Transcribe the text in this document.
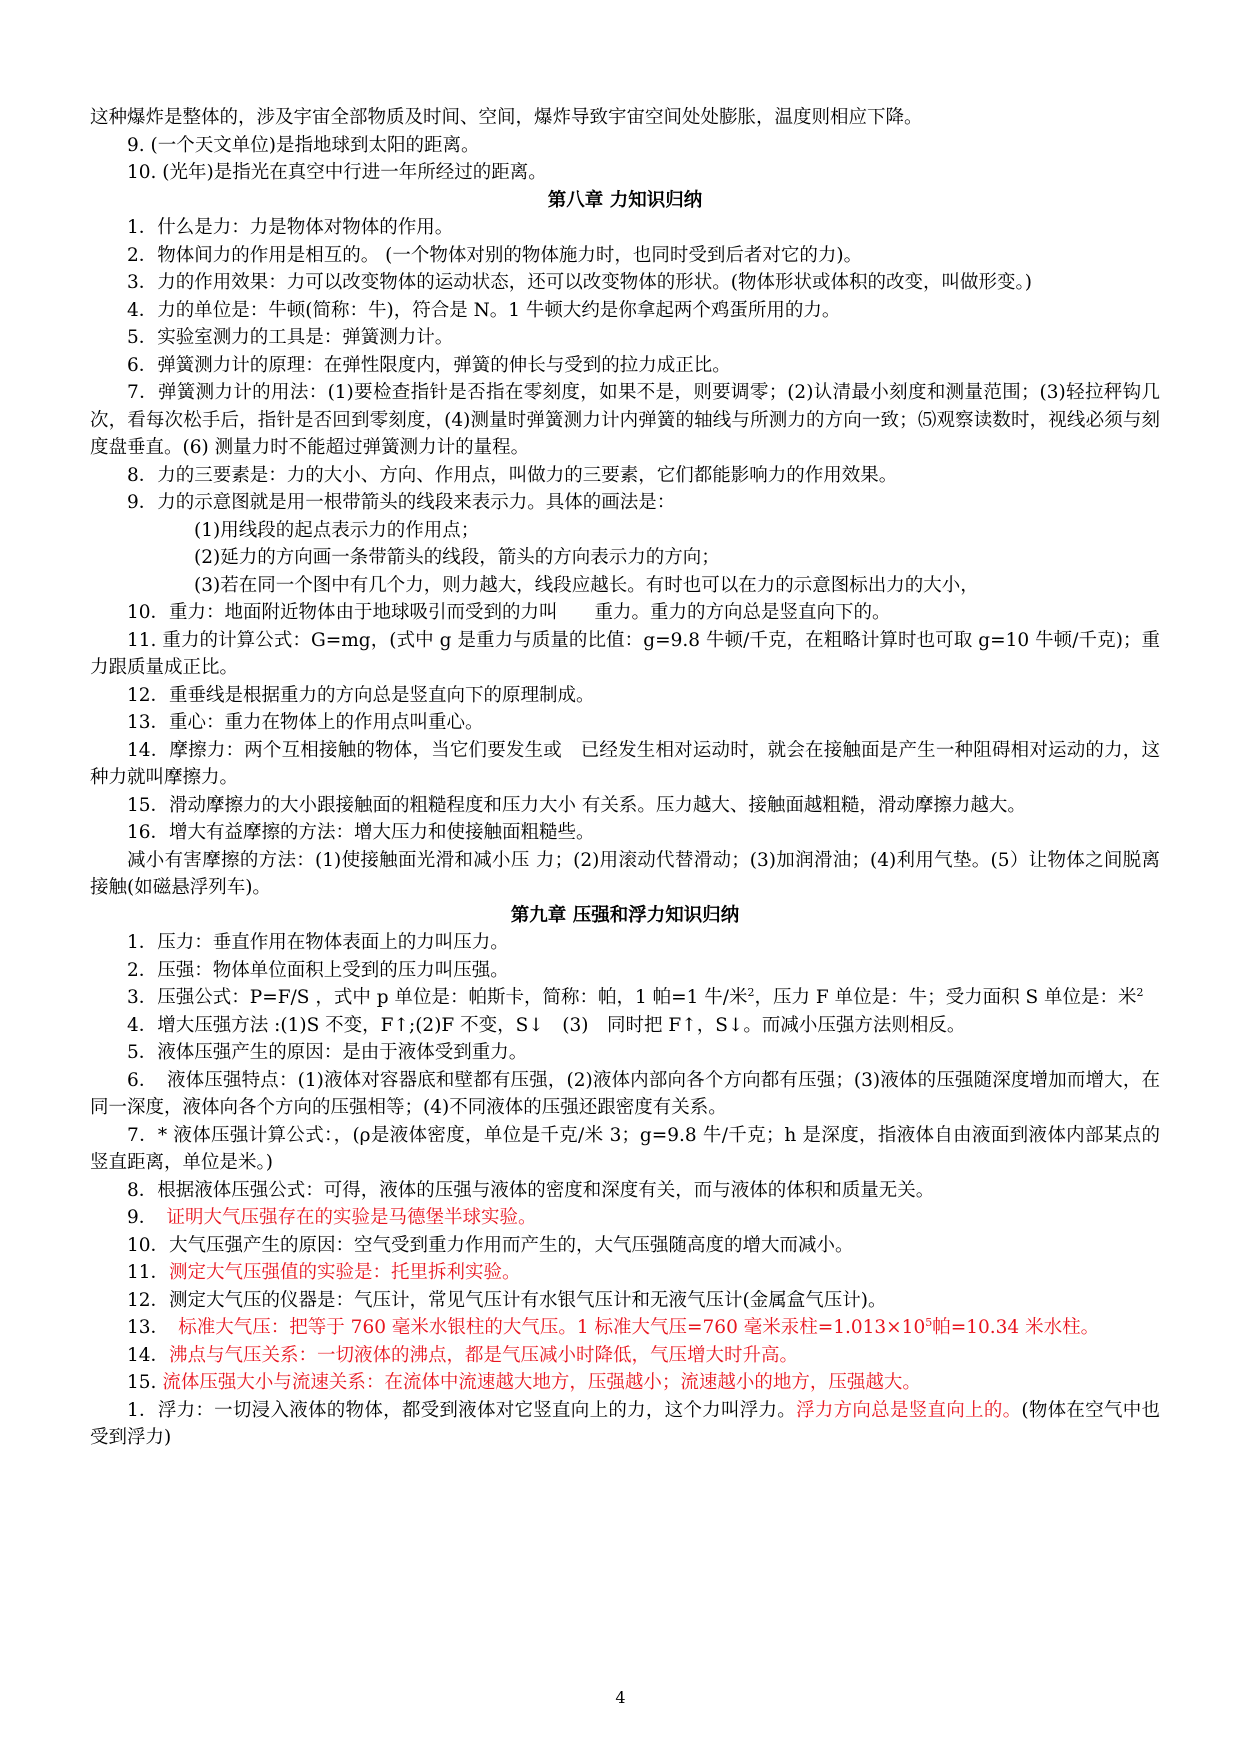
这种爆炸是整体的，涉及宇宙全部物质及时间、空间，爆炸导致宇宙空间处处膨胀，温度则相应下降。

9. (一个天文单位)是指地球到太阳的距离。

10. (光年)是指光在真空中行进一年所经过的距离。

第八章 力知识归纳

1．什么是力：力是物体对物体的作用。

2．物体间力的作用是相互的。 (一个物体对别的物体施力时，也同时受到后者对它的力)。

3．力的作用效果：力可以改变物体的运动状态，还可以改变物体的形状。(物体形状或体积的改变，叫做形变。)

4．力的单位是：牛顿(简称：牛)，符合是 N。1 牛顿大约是你拿起两个鸡蛋所用的力。

5．实验室测力的工具是：弹簧测力计。

6．弹簧测力计的原理：在弹性限度内，弹簧的伸长与受到的拉力成正比。

7．弹簧测力计的用法：(1)要检查指针是否指在零刻度，如果不是，则要调零；(2)认清最小刻度和测量范围；(3)轻拉秤钩几次，看每次松手后，指针是否回到零刻度，(4)测量时弹簧测力计内弹簧的轴线与所测力的方向一致；⑸观察读数时，视线必须与刻度盘垂直。(6) 测量力时不能超过弹簧测力计的量程。

8．力的三要素是：力的大小、方向、作用点，叫做力的三要素，它们都能影响力的作用效果。

9．力的示意图就是用一根带箭头的线段来表示力。具体的画法是：

(1)用线段的起点表示力的作用点；

(2)延力的方向画一条带箭头的线段，箭头的方向表示力的方向；

(3)若在同一个图中有几个力，则力越大，线段应越长。有时也可以在力的示意图标出力的大小，

10．重力：地面附近物体由于地球吸引而受到的力叫　　重力。重力的方向总是竖直向下的。

11. 重力的计算公式：G=mg，(式中 g 是重力与质量的比值：g=9.8 牛顿/千克，在粗略计算时也可取 g=10 牛顿/千克)；重力跟质量成正比。

12．重垂线是根据重力的方向总是竖直向下的原理制成。

13．重心：重力在物体上的作用点叫重心。

14．摩擦力：两个互相接触的物体，当它们要发生或　已经发生相对运动时，就会在接触面是产生一种阻碍相对运动的力，这种力就叫摩擦力。

15．滑动摩擦力的大小跟接触面的粗糙程度和压力大小 有关系。压力越大、接触面越粗糙，滑动摩擦力越大。

16．增大有益摩擦的方法：增大压力和使接触面粗糙些。

减小有害摩擦的方法：(1)使接触面光滑和减小压 力；(2)用滚动代替滑动；(3)加润滑油；(4)利用气垫。(5）让物体之间脱离接触(如磁悬浮列车)。

第九章 压强和浮力知识归纳

1．压力：垂直作用在物体表面上的力叫压力。

2．压强：物体单位面积上受到的压力叫压强。

3．压强公式：P=F/S ，式中 p 单位是：帕斯卡，简称：帕，1 帕=1 牛/米$^2$，压力 F 单位是：牛；受力面积 S 单位是：米$^2$

4．增大压强方法 :(1)S 不变，F↑;(2)F 不变，S↓　(3)　同时把 F↑，S↓。而减小压强方法则相反。

5．液体压强产生的原因：是由于液体受到重力。

6．　液体压强特点：(1)液体对容器底和壁都有压强，(2)液体内部向各个方向都有压强；(3)液体的压强随深度增加而增大，在同一深度，液体向各个方向的压强相等；(4)不同液体的压强还跟密度有关系。

7．* 液体压强计算公式：，(ρ是液体密度，单位是千克/米 3；g=9.8 牛/千克；h 是深度，指液体自由液面到液体内部某点的竖直距离，单位是米。)

8．根据液体压强公式：可得，液体的压强与液体的密度和深度有关，而与液体的体积和质量无关。

9．　证明大气压强存在的实验是马德堡半球实验。

10．大气压强产生的原因：空气受到重力作用而产生的，大气压强随高度的增大而减小。

11．测定大气压强值的实验是：托里拆利实验。

12．测定大气压的仪器是：气压计，常见气压计有水银气压计和无液气压计(金属盒气压计)。

13．　标准大气压：把等于 760 毫米水银柱的大气压。1 标准大气压=760 毫米汞柱$=1.013\times 10^5$帕=10.34 米水柱。

14．沸点与气压关系：一切液体的沸点，都是气压减小时降低，气压增大时升高。

15. 流体压强大小与流速关系：在流体中流速越大地方，压强越小；流速越小的地方，压强越大。

1．浮力：一切浸入液体的物体，都受到液体对它竖直向上的力，这个力叫浮力。浮力方向总是竖直向上的。(物体在空气中也受到浮力)

4
